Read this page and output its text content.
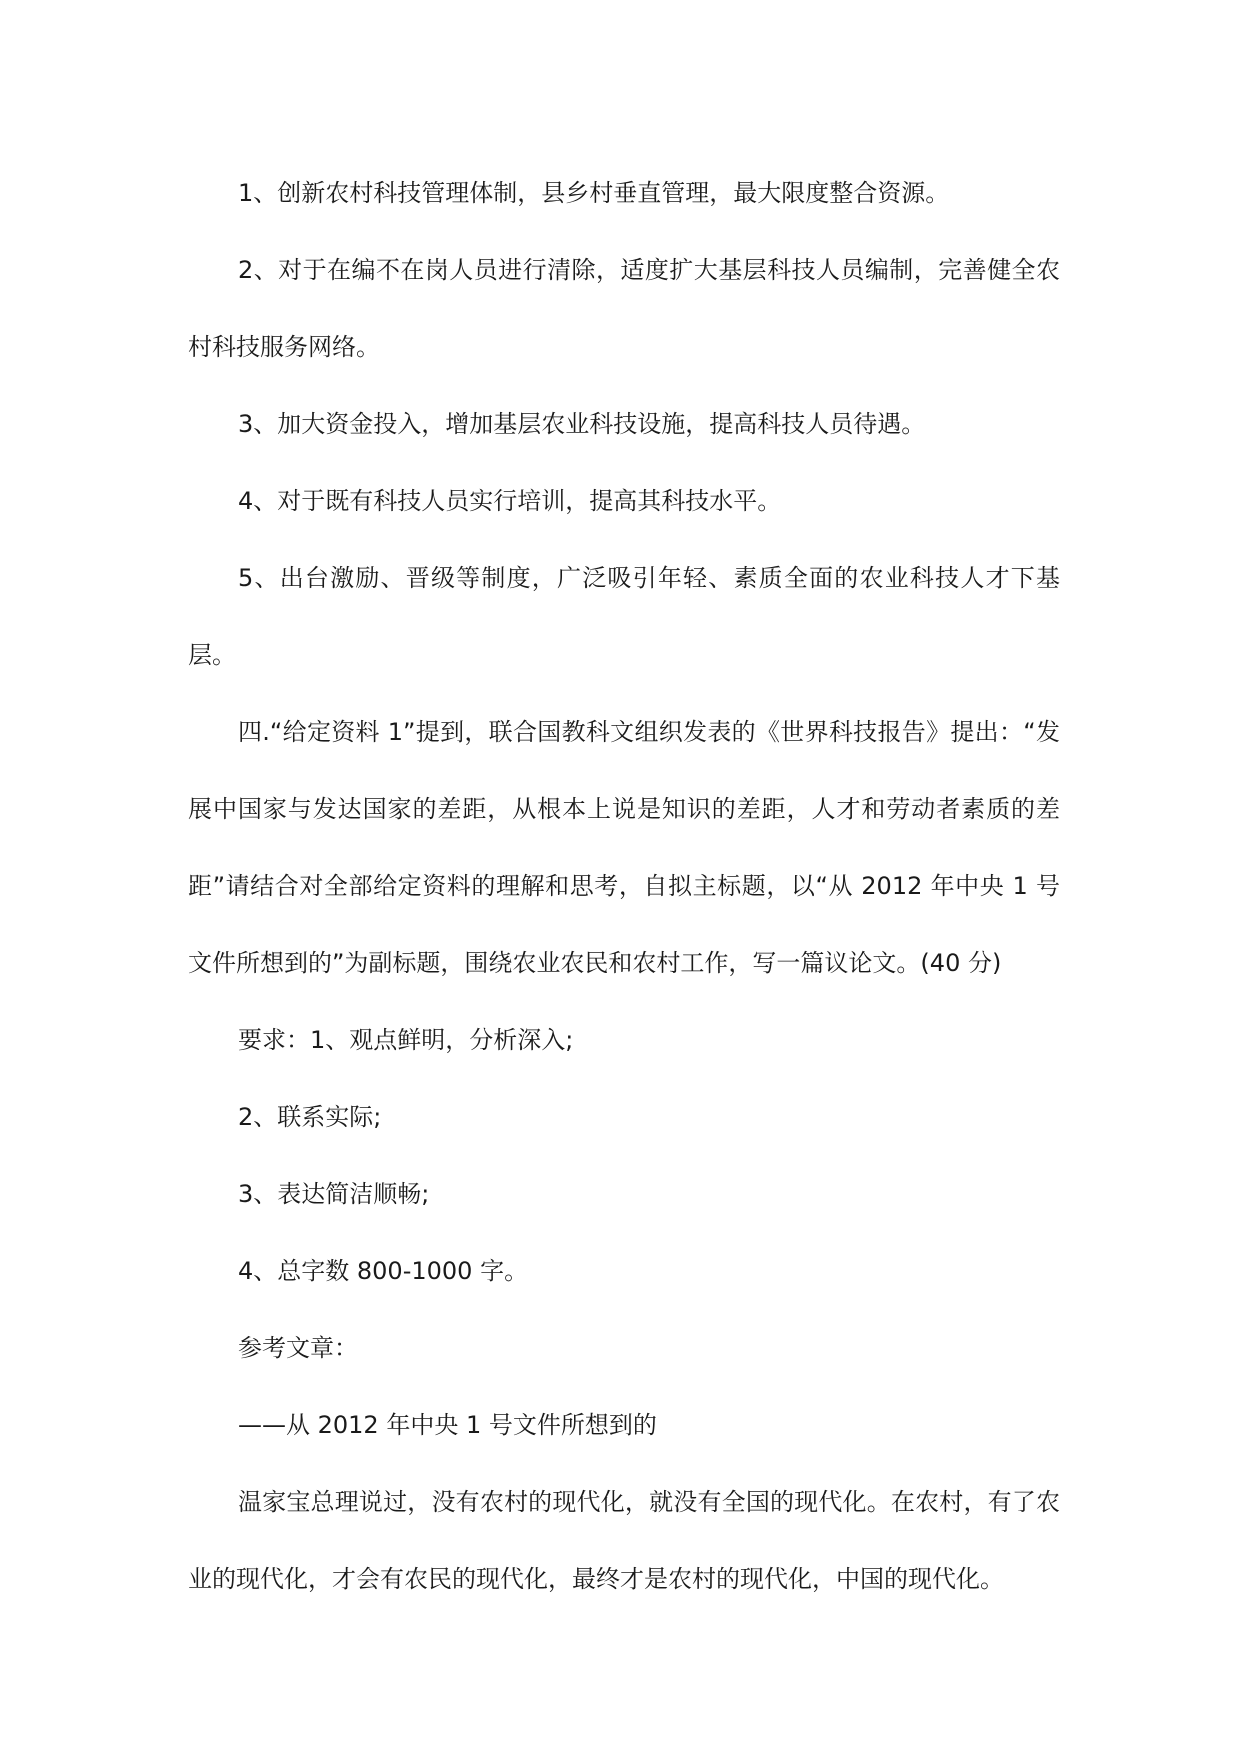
1、创新农村科技管理体制，县乡村垂直管理，最大限度整合资源。

2、对于在编不在岗人员进行清除，适度扩大基层科技人员编制，完善健全农村科技服务网络。

3、加大资金投入，增加基层农业科技设施，提高科技人员待遇。

4、对于既有科技人员实行培训，提高其科技水平。

5、出台激励、晋级等制度，广泛吸引年轻、素质全面的农业科技人才下基层。

四.“给定资料 1”提到，联合国教科文组织发表的《世界科技报告》提出：“发展中国家与发达国家的差距，从根本上说是知识的差距，人才和劳动者素质的差距”请结合对全部给定资料的理解和思考，自拟主标题，以“从 2012 年中央 1 号文件所想到的”为副标题，围绕农业农民和农村工作，写一篇议论文。(40 分)

要求：1、观点鲜明，分析深入;

2、联系实际;

3、表达简洁顺畅;

4、总字数 800-1000 字。

参考文章：

——从 2012 年中央 1 号文件所想到的

温家宝总理说过，没有农村的现代化，就没有全国的现代化。在农村，有了农业的现代化，才会有农民的现代化，最终才是农村的现代化，中国的现代化。
